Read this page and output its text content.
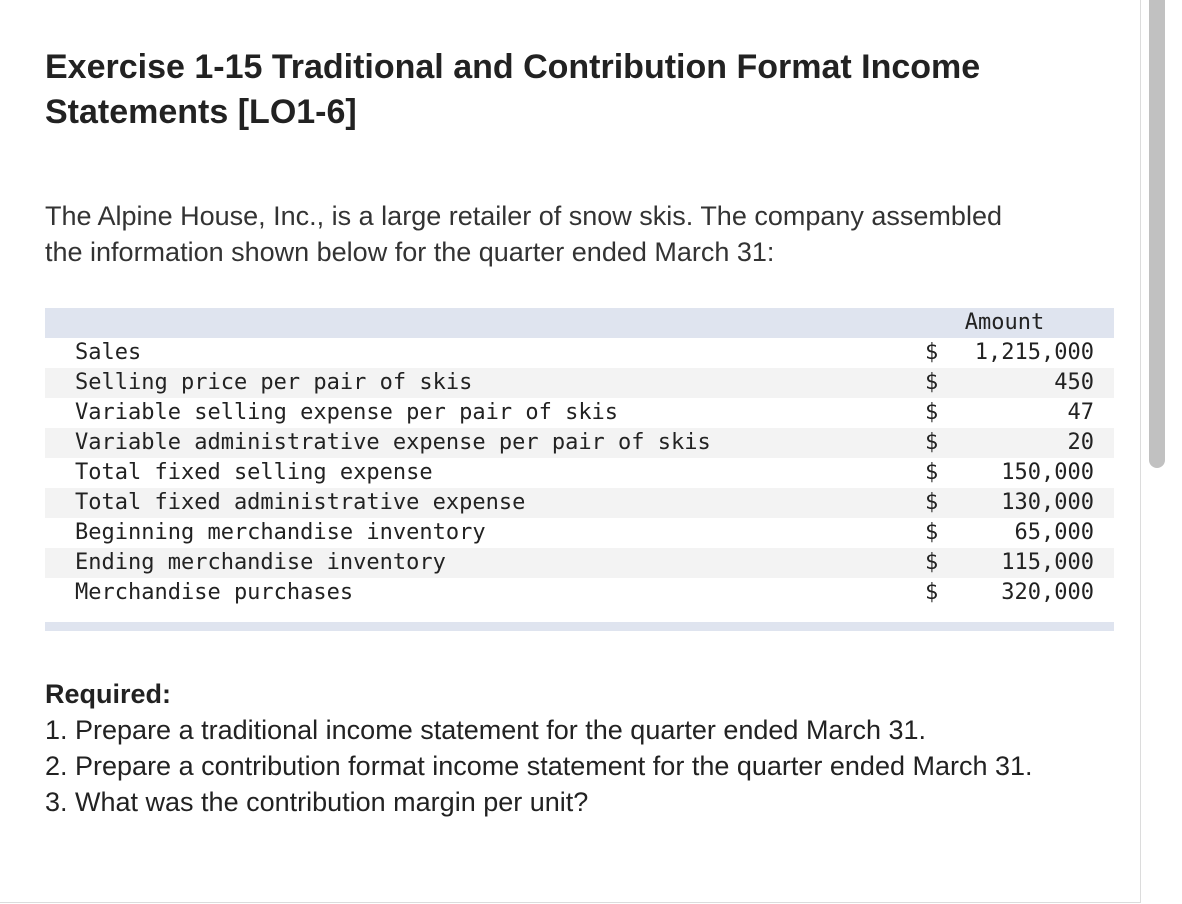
Exercise 1-15 Traditional and Contribution Format Income Statements [LO1-6]

The Alpine House, Inc., is a large retailer of snow skis. The company assembled the information shown below for the quarter ended March 31:

	Amount	
Sales	$	1,215,000
Selling price per pair of skis	$	450
Variable selling expense per pair of skis	$	47
Variable administrative expense per pair of skis	$	20
Total fixed selling expense	$	150,000
Total fixed administrative expense	$	130,000
Beginning merchandise inventory	$	65,000
Ending merchandise inventory	$	115,000
Merchandise purchases	$	320,000

Required:

1. Prepare a traditional income statement for the quarter ended March 31.

2. Prepare a contribution format income statement for the quarter ended March 31.

3. What was the contribution margin per unit?
